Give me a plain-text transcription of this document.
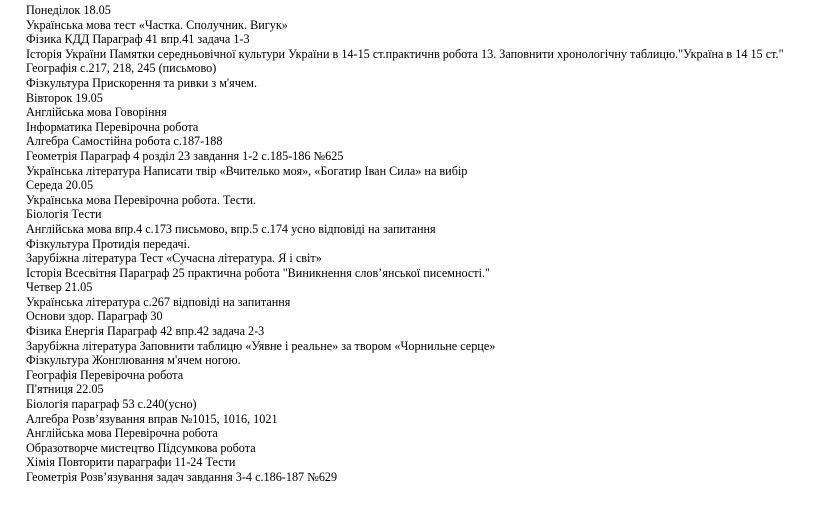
Понеділок 18.05
Українська мова тест «Частка. Сполучник. Вигук»
Фізика КДД Параграф 41 впр.41 задача 1-3
Історія України Памятки середньовічної культури України в 14-15 ст.практичнв робота 13. Заповнити хронологічну таблицю."Україна в 14 15 ст."
Географія с.217, 218, 245 (письмово)
Фізкультура Прискорення та ривки з м'ячем.
Вівторок 19.05
Англійська мова Говоріння
Інформатика Перевірочна робота
Алгебра Самостійна робота с.187-188
Геометрія Параграф 4 розділ 23 завдання 1-2 с.185-186 №625
Українська література Написати твір «Вчителько моя», «Богатир Іван Сила» на вибір
Середа 20.05
Українська мова Перевірочна робота. Тести.
Біологія Тести
Англійська мова впр.4 с.173 письмово, впр.5 с.174 усно відповіді на запитання
Фізкультура Протидія передачі.
Зарубіжна література Тест «Сучасна література. Я і світ»
Історія Всесвітня Параграф 25 практична робота "Виникнення слов’янської писемності."
Четвер 21.05
Українська література с.267 відповіді на запитання
Основи здор. Параграф 30
Фізика Енергія Параграф 42 впр.42 задача 2-3
Зарубіжна література Заповнити таблицю «Уявне і реальне» за твором «Чорнильне серце»
Фізкультура Жонглювання м'ячем ногою.
Географія Перевірочна робота
П'ятниця 22.05
Біологія параграф 53 с.240(усно)
Алгебра Розв’язування вправ №1015, 1016, 1021
Англійська мова Перевірочна робота
Образотворче мистецтво Підсумкова робота
Хімія Повторити параграфи 11-24 Тести
Геометрія Розв’язування задач завдання 3-4 с.186-187 №629
